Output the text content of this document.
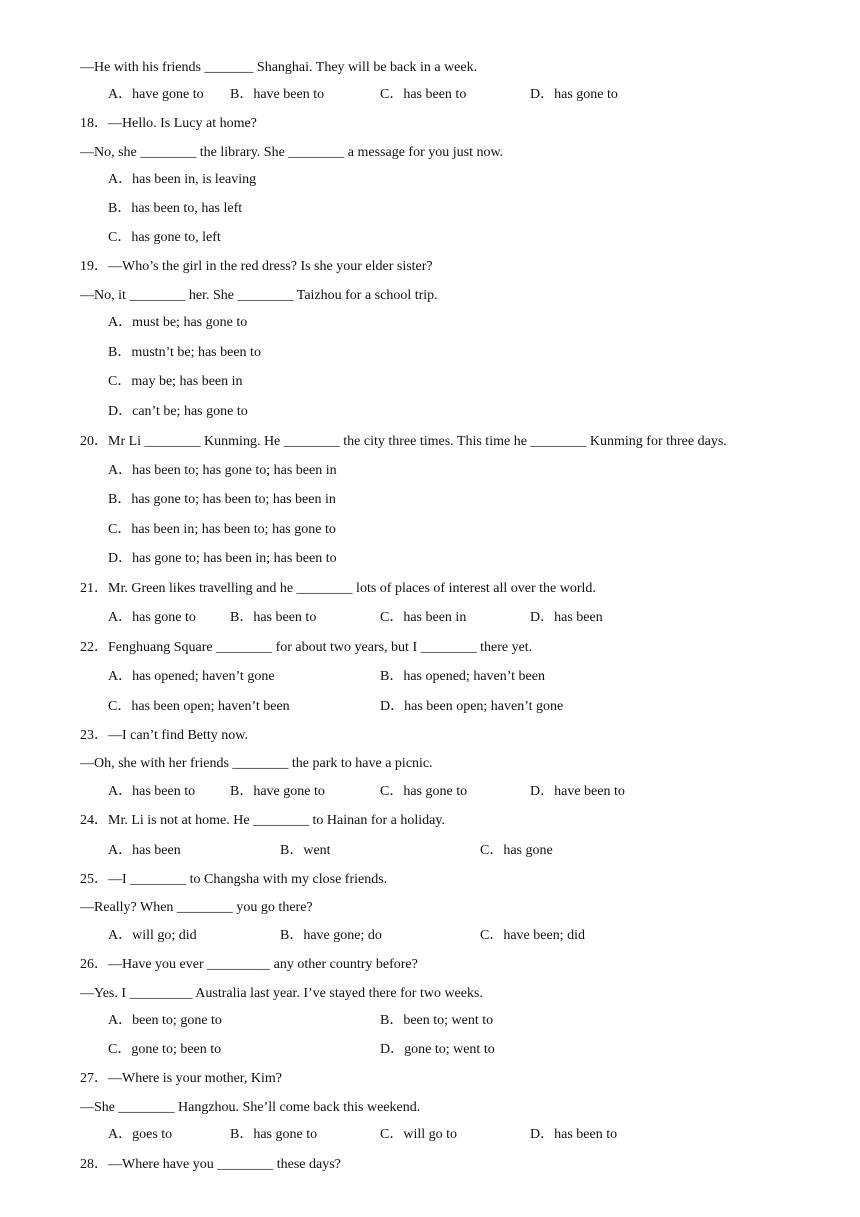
—He with his friends _______ Shanghai. They will be back in a week.
A．have gone to B．have been to	C．has been to	D．has gone to
18．—Hello. Is Lucy at home?
—No, she ________ the library. She ________ a message for you just now.
A．has been in, is leaving
B．has been to, has left
C．has gone to, left
19．—Who’s the girl in the red dress? Is she your elder sister?
—No, it ________ her. She ________ Taizhou for a school trip.
A．must be; has gone to
B．mustn’t be; has been to
C．may be; has been in
D．can’t be; has gone to
20．Mr Li ________ Kunming. He ________ the city three times. This time he ________ Kunming for three days.
A．has been to; has gone to; has been in
B．has gone to; has been to; has been in
C．has been in; has been to; has gone to
D．has gone to; has been in; has been to
21．Mr. Green likes travelling and he ________ lots of places of interest all over the world.
A．has gone to B．has been to	C．has been in	D．has been
22．Fenghuang Square ________ for about two years, but I ________ there yet.
A．has opened; haven’t gone	B．has opened; haven’t been
C．has been open; haven’t been	D．has been open; haven’t gone
23．—I can’t find Betty now.
—Oh, she with her friends ________ the park to have a picnic.
A．has been to B．have gone to	C．has gone to	D．have been to
24．Mr. Li is not at home. He ________ to Hainan for a holiday.
A．has been	B．went	C．has gone
25．—I ________ to Changsha with my close friends.
—Really? When ________ you go there?
A．will go; did	B．have gone; do	C．have been; did
26．—Have you ever _________ any other country before?
—Yes. I _________ Australia last year. I’ve stayed there for two weeks.
A．been to; gone to	B．been to; went to
C．gone to; been to	D．gone to; went to
27．—Where is your mother, Kim?
—She ________ Hangzhou. She’ll come back this weekend.
A．goes to	B．has gone to	C．will go to	D．has been to
28．—Where have you ________ these days?
